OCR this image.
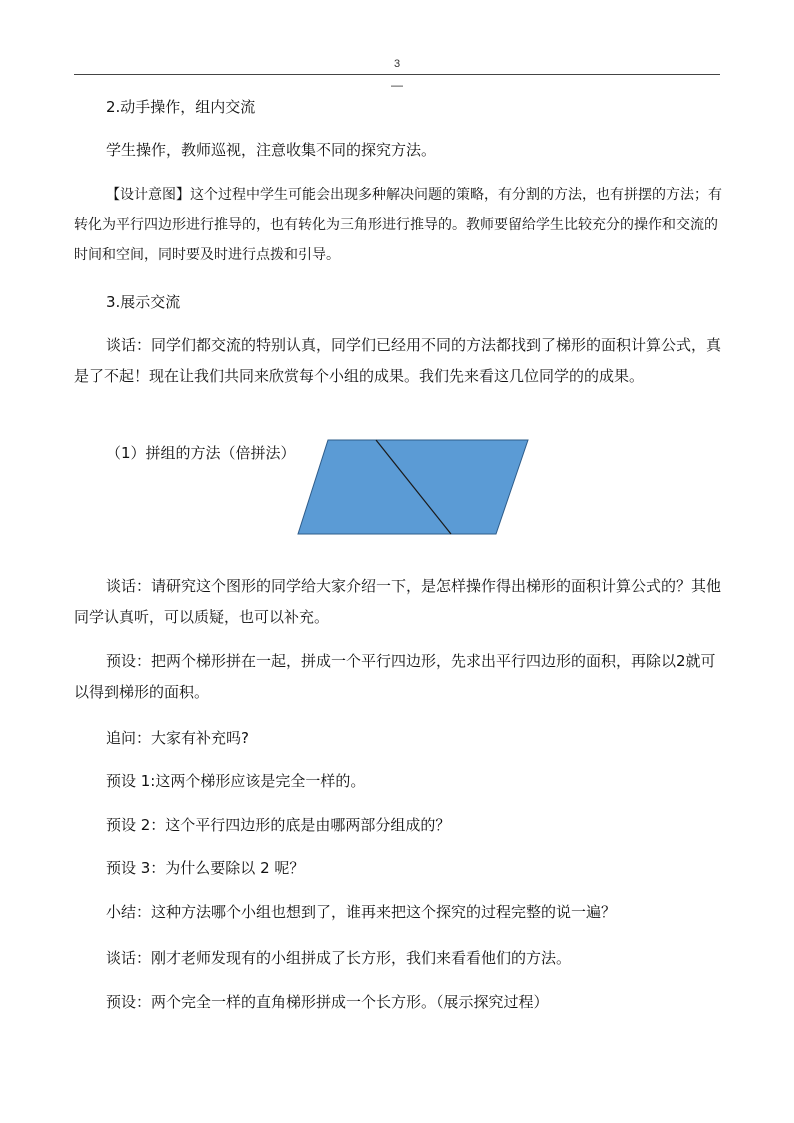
3
—

2.动手操作，组内交流

学生操作，教师巡视，注意收集不同的探究方法。

【设计意图】这个过程中学生可能会出现多种解决问题的策略，有分割的方法，也有拼摆的方法；有转化为平行四边形进行推导的，也有转化为三角形进行推导的。教师要留给学生比较充分的操作和交流的时间和空间，同时要及时进行点拨和引导。

3.展示交流

谈话：同学们都交流的特别认真，同学们已经用不同的方法都找到了梯形的面积计算公式，真是了不起！现在让我们共同来欣赏每个小组的成果。我们先来看这几位同学的的成果。

（1）拼组的方法（倍拼法）

谈话：请研究这个图形的同学给大家介绍一下，是怎样操作得出梯形的面积计算公式的？其他同学认真听，可以质疑，也可以补充。

预设：把两个梯形拼在一起，拼成一个平行四边形，先求出平行四边形的面积，再除以2就可以得到梯形的面积。

追问：大家有补充吗?

预设 1:这两个梯形应该是完全一样的。

预设 2：这个平行四边形的底是由哪两部分组成的？

预设 3：为什么要除以 2 呢？

小结：这种方法哪个小组也想到了，谁再来把这个探究的过程完整的说一遍？

谈话：刚才老师发现有的小组拼成了长方形，我们来看看他们的方法。

预设：两个完全一样的直角梯形拼成一个长方形。（展示探究过程）
